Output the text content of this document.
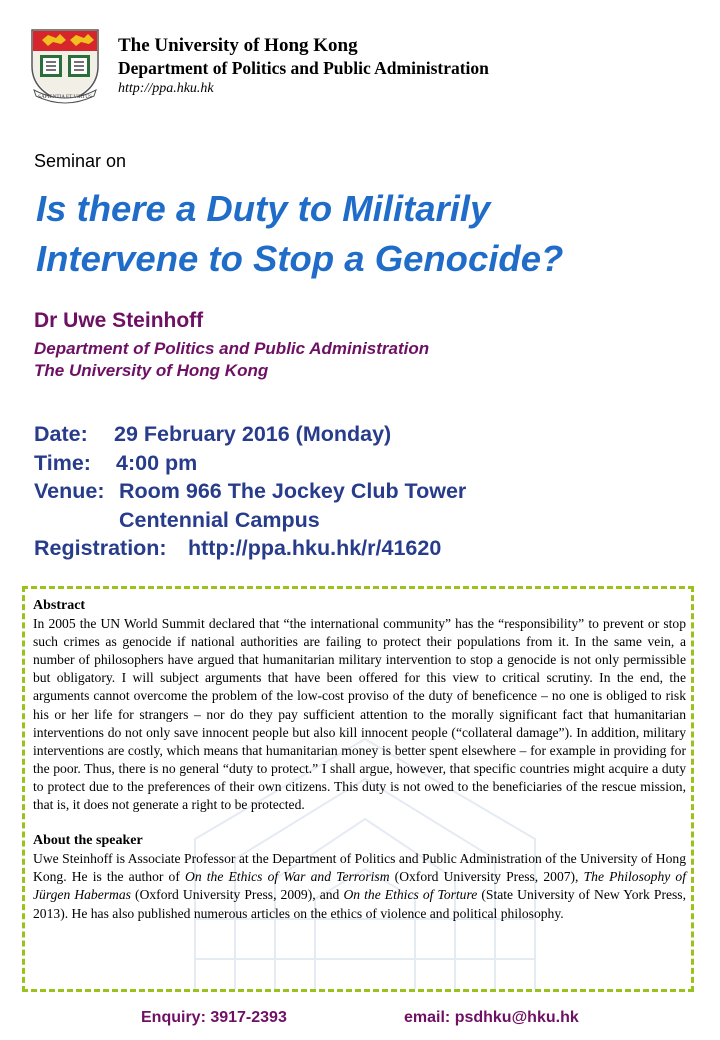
SAPIENTIA ET VIRTUS
The University of Hong Kong
Department of Politics and Public Administration
http://ppa.hku.hk
Seminar on
Is there a Duty to Militarily
Intervene to Stop a Genocide?
Dr Uwe Steinhoff
Department of Politics and Public Administration
The University of Hong Kong
Date: 29 February 2016 (Monday)
Time: 4:00 pm
Venue: Room 966 The Jockey Club Tower
Centennial Campus
Registration: http://ppa.hku.hk/r/41620
Abstract

In 2005 the UN World Summit declared that “the international community” has the “responsibility” to prevent or stop such crimes as genocide if national authorities are failing to protect their populations from it. In the same vein, a number of philosophers have argued that humanitarian military intervention to stop a genocide is not only permissible but obligatory. I will subject arguments that have been offered for this view to critical scrutiny. In the end, the arguments cannot overcome the problem of the low-cost proviso of the duty of beneficence – no one is obliged to risk his or her life for strangers – nor do they pay sufficient attention to the morally significant fact that humanitarian interventions do not only save innocent people but also kill innocent people (“collateral damage”). In addition, military interventions are costly, which means that humanitarian money is better spent elsewhere – for example in providing for the poor. Thus, there is no general “duty to protect.” I shall argue, however, that specific countries might acquire a duty to protect due to the preferences of their own citizens. This duty is not owed to the beneficiaries of the rescue mission, that is, it does not generate a right to be protected.

About the speaker

Uwe Steinhoff is Associate Professor at the Department of Politics and Public Administration of the University of Hong Kong. He is the author of On the Ethics of War and Terrorism (Oxford University Press, 2007), The Philosophy of Jürgen Habermas (Oxford University Press, 2009), and On the Ethics of Torture (State University of New York Press, 2013). He has also published numerous articles on the ethics of violence and political philosophy.

Enquiry: 3917-2393	email: psdhku@hku.hk
